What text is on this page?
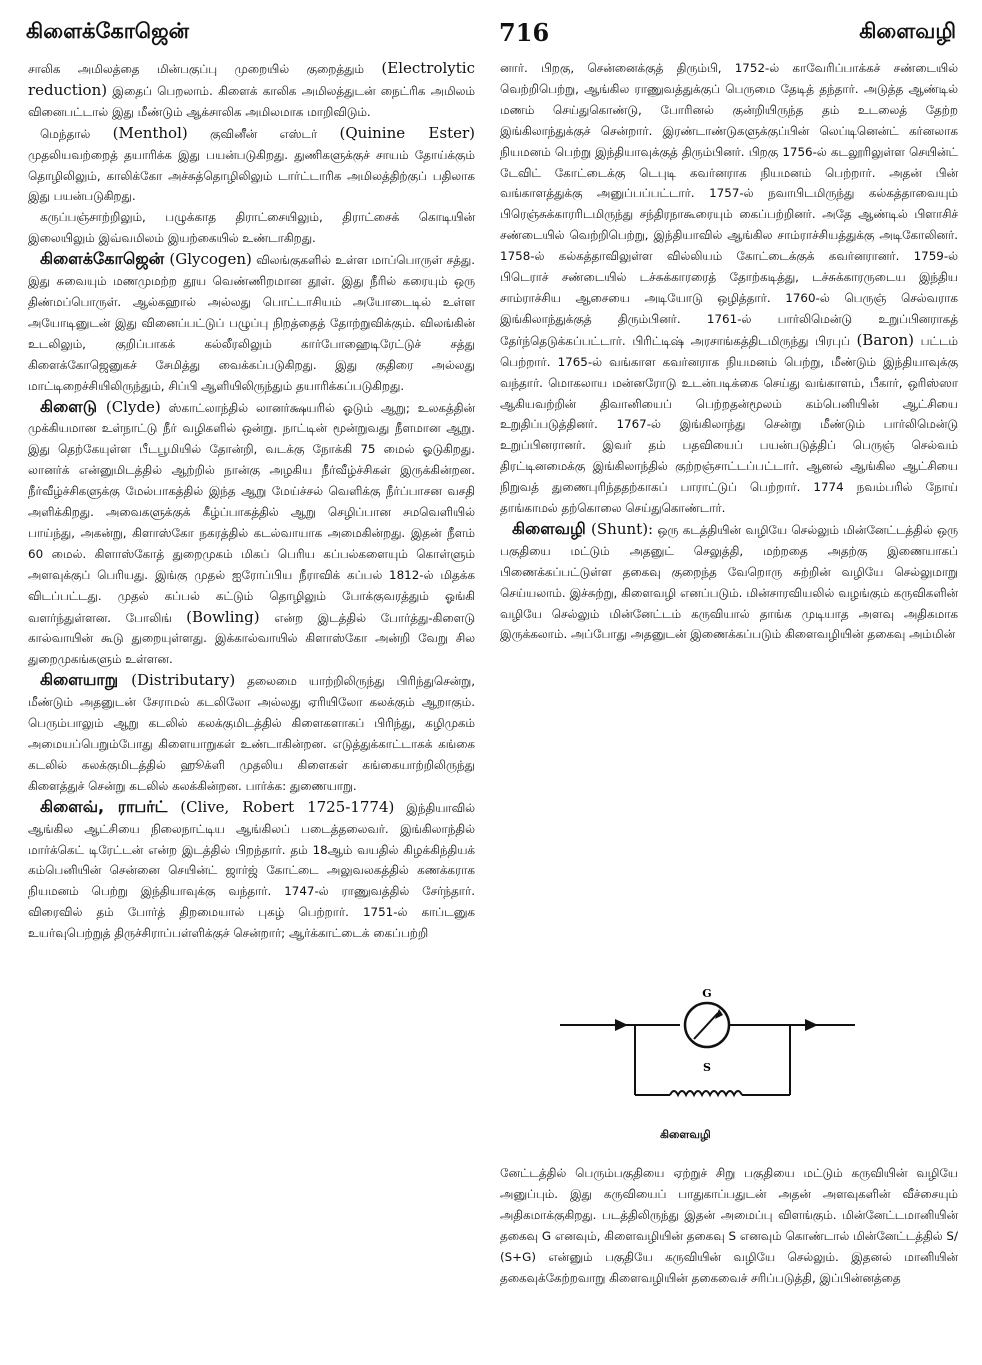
கிளைக்கோஜென்	716	கிளைவழி

சாலிக அமிலத்தை மின்பகுப்பு முறையில் குறைத்தும் (Electrolytic reduction) இதைப் பெறலாம். கிளைக் காலிக அமிலத்துடன் நைட்ரிக அமிலம் வினைபட்டால் இது மீண்டும் ஆக்சாலிக அமிலமாக மாறிவிடும்.

மெந்தால் (Menthol) குவினீன் எஸ்டர் (Quinine Ester) முதலியவற்றைத் தயாரிக்க இது பயன்படுகிறது. துணிகளுக்குச் சாயம் தோய்க்கும் தொழிலிலும், காலிக்கோ அச்சுத்தொழிலிலும் டார்ட்டாரிக அமிலத்திற்குப் பதிலாக இது பயன்படுகிறது.

கருப்பஞ்சாற்றிலும், பழுக்காத திராட்சையிலும், திராட்சைக் கொடியின் இலையிலும் இவ்வமிலம் இயற்கையில் உண்டாகிறது.

கிளைக்கோஜென் (Glycogen) விலங்குகளில் உள்ள மாப்பொருள் சத்து. இது சுவையும் மணமுமற்ற தூய வெண்ணிறமான தூள். இது நீரில் கரையும் ஒரு திண்மப்பொருள். ஆல்கஹால் அல்லது பொட்டாசியம் அயோடைடில் உள்ள அயோடினுடன் இது வினைப்பட்டுப் பழுப்பு நிறத்தைத் தோற்றுவிக்கும். விலங்கின் உடலிலும், குறிப்பாகக் கல்லீரலிலும் கார்போஹைடிரேட்டுச் சத்து கிளைக்கோஜெனுகச் சேமித்து வைக்கப்படுகிறது. இது குதிரை அல்லது மாட்டிறைச்சியிலிருந்தும், சிப்பி ஆளியிலிருந்தும் தயாரிக்கப்படுகிறது.

கிளைடு (Clyde) ஸ்காட்லாந்தில் லானர்க்ஷயரில் ஓடும் ஆறு; உலகத்தின் முக்கியமான உள்நாட்டு நீர் வழிகளில் ஒன்று. நாட்டின் மூன்றுவது நீளமான ஆறு. இது தெற்கேயுள்ள பீடபூமியில் தோன்றி, வடக்கு நோக்கி 75 மைல் ஓடுகிறது. லானர்க் என்னுமிடத்தில் ஆற்றில் நான்கு அழகிய நீர்வீழ்ச்சிகள் இருக்கின்றன. நீர்வீழ்ச்சிகளுக்கு மேல்பாகத்தில் இந்த ஆறு மேய்ச்சல் வெளிக்கு நீர்ப்பாசன வசதி அளிக்கிறது. அவைகளுக்குக் கீழ்ப்பாகத்தில் ஆறு செழிப்பான சமவெளியில் பாய்ந்து, அகன்று, கிளாஸ்கோ நகரத்தில் கடல்வாயாக அமைகின்றது. இதன் நீளம் 60 மைல். கிளாஸ்கோத் துறைமுகம் மிகப் பெரிய கப்பல்களையும் கொள்ளும் அளவுக்குப் பெரியது. இங்கு முதல் ஐரோப்பிய நீராவிக் கப்பல் 1812-ல் மிதக்க விடப்பட்டது. முதல் கப்பல் கட்டும் தொழிலும் போக்குவரத்தும் ஓங்கி வளர்ந்துள்ளன. போலிங் (Bowling) என்ற இடத்தில் போர்த்து-கிளைடு கால்வாயின் கூடு துறையுள்ளது. இக்கால்வாயில் கிளாஸ்கோ அன்றி வேறு சில துறைமுகங்களும் உள்ளன.

கிளையாறு (Distributary) தலைமை யாற்றிலிருந்து பிரிந்துசென்று, மீண்டும் அதனுடன் சேராமல் கடலிலோ அல்லது ஏரியிலோ கலக்கும் ஆறாகும். பெரும்பாலும் ஆறு கடலில் கலக்குமிடத்தில் கிளைகளாகப் பிரிந்து, கழிமுகம் அமையப்பெறும்போது கிளையாறுகள் உண்டாகின்றன. எடுத்துக்காட்டாகக் கங்கை கடலில் கலக்குமிடத்தில் ஹூக்ளி முதலிய கிளைகள் கங்கையாற்றிலிருந்து கிளைத்துச் சென்று கடலில் கலக்கின்றன. பார்க்க: துணையாறு.

கிளைவ், ராபர்ட் (Clive, Robert 1725-1774) இந்தியாவில் ஆங்கில ஆட்சியை நிலைநாட்டிய ஆங்கிலப் படைத்தலைவர். இங்கிலாந்தில் மார்க்கெட் டிரேட்டன் என்ற இடத்தில் பிறந்தார். தம் 18ஆம் வயதில் கிழக்கிந்தியக் கம்பெனியின் சென்னை செயின்ட் ஜார்ஜ் கோட்டை அலுவலகத்தில் கணக்கராக நியமனம் பெற்று இந்தியாவுக்கு வந்தார். 1747-ல் ராணுவத்தில் சேர்ந்தார். விரைவில் தம் போர்த் திறமையால் புகழ் பெற்றார். 1751-ல் காப்டனுக உயர்வுபெற்றுத் திருச்சிராப்பள்ளிக்குச் சென்றார்; ஆர்க்காட்டைக் கைப்பற்றி

னார். பிறகு, சென்னைக்குத் திரும்பி, 1752-ல் காவேரிப்பாக்கச் சண்டையில் வெற்றிபெற்று, ஆங்கில ராணுவத்துக்குப் பெருமை தேடித் தந்தார். அடுத்த ஆண்டில் மணம் செய்துகொண்டு, போரினல் குன்றியிருந்த தம் உடலைத் தேற்ற இங்கிலாந்துக்குச் சென்றார். இரண்டாண்டுகளுக்குப்பின் லெப்டினென்ட் கர்னலாக நியமனம் பெற்று இந்தியாவுக்குத் திரும்பினர். பிறகு 1756-ல் கடலூரிலுள்ள செயின்ட் டேவிட் கோட்டைக்கு டெபுடி கவர்னராக நியமனம் பெற்றார். அதன் பின் வங்காளத்துக்கு அனுப்பப்பட்டார். 1757-ல் நவாபிடமிருந்து கல்கத்தாவையும் பிரெஞ்சுக்காரரிடமிருந்து சந்திரநாகூரையும் கைப்பற்றினர். அதே ஆண்டில் பிளாசிச் சண்டையில் வெற்றிபெற்று, இந்தியாவில் ஆங்கில சாம்ராச்சியத்துக்கு அடிகோலினர். 1758-ல் கல்கத்தாவிலுள்ள வில்லியம் கோட்டைக்குக் கவர்னரானர். 1759-ல் பிடெராச் சண்டையில் டச்சுக்காரரைத் தோற்கடித்து, டச்சுக்காரருடைய இந்திய சாம்ராச்சிய ஆசையை அடியோடு ஒழித்தார். 1760-ல் பெருஞ் செல்வராக இங்கிலாந்துக்குத் திரும்பினர். 1761-ல் பார்லிமென்டு உறுப்பினராகத் தேர்ந்தெடுக்கப்பட்டார். பிரிட்டிஷ் அரசாங்கத்திடமிருந்து பிரபுப் (Baron) பட்டம் பெற்றார். 1765-ல் வங்காள கவர்னராக நியமனம் பெற்று, மீண்டும் இந்தியாவுக்கு வந்தார். மொகலாய மன்னரோடு உடன்படிக்கை செய்து வங்காளம், பீகார், ஒரிஸ்ஸா ஆகியவற்றின் திவானியைப் பெற்றதன்மூலம் கம்பெனியின் ஆட்சியை உறுதிப்படுத்தினர். 1767-ல் இங்கிலாந்து சென்று மீண்டும் பார்லிமென்டு உறுப்பினரானர். இவர் தம் பதவியைப் பயன்படுத்திப் பெருஞ் செல்வம் திரட்டினமைக்கு இங்கிலாந்தில் குற்றஞ்சாட்டப்பட்டார். ஆனல் ஆங்கில ஆட்சியை நிறுவத் துணைபுரிந்ததற்காகப் பாராட்டுப் பெற்றார். 1774 நவம்பரில் நோய் தாங்காமல் தற்கொலை செய்துகொண்டார்.

கிளைவழி (Shunt): ஒரு கடத்தியின் வழியே செல்லும் மின்னேட்டத்தில் ஒரு பகுதியை மட்டும் அதனுட் செலுத்தி, மற்றதை அதற்கு இணையாகப் பிணைக்கப்பட்டுள்ள தகைவு குறைந்த வேறொரு சுற்றின் வழியே செல்லுமாறு செய்யலாம். இச்சுற்று, கிளைவழி எனப்படும். மின்சாரவியலில் வழங்கும் கருவிகளின் வழியே செல்லும் மின்னேட்டம் கருவியால் தாங்க முடியாத அளவு அதிகமாக இருக்கலாம். அப்போது அதனுடன் இணைக்கப்படும் கிளைவழியின் தகைவு அம்மின்

G
S
கிளைவழி

னேட்டத்தில் பெரும்பகுதியை ஏற்றுச் சிறு பகுதியை மட்டும் கருவியின் வழியே அனுப்பும். இது கருவியைப் பாதுகாப்பதுடன் அதன் அளவுகளின் வீச்சையும் அதிகமாக்குகிறது. படத்திலிருந்து இதன் அமைப்பு விளங்கும். மின்னேட்டமானியின் தகைவு G எனவும், கிளைவழியின் தகைவு S எனவும் கொண்டால் மின்னேட்டத்தில் S/ (S+G) என்னும் பகுதியே கருவியின் வழியே செல்லும். இதனல் மானியின் தகைவுக்கேற்றவாறு கிளைவழியின் தகைவைச் சரிப்படுத்தி, இப்பின்னத்தை
